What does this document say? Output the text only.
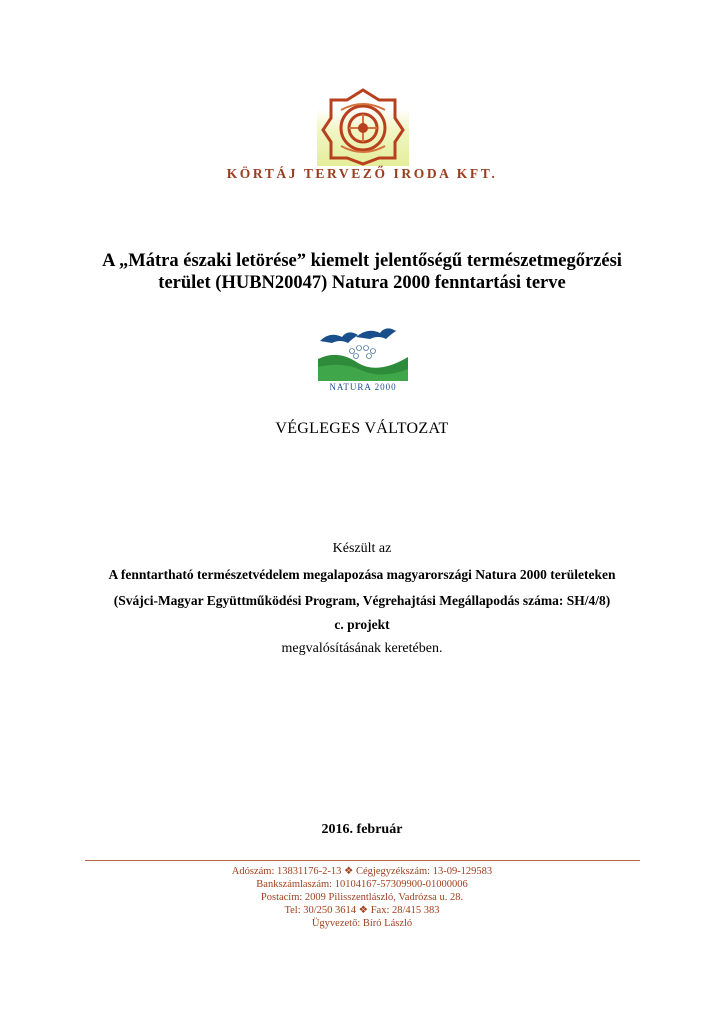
KÖRTÁJ TERVEZŐ IRODA KFT.
A „Mátra északi letörése” kiemelt jelentőségű természetmegőrzési
terület (HUBN20047) Natura 2000 fenntartási terve
NATURA 2000
VÉGLEGES VÁLTOZAT
Készült az
A fenntartható természetvédelem megalapozása magyarországi Natura 2000 területeken
(Svájci-Magyar Együttműködési Program, Végrehajtási Megállapodás száma: SH/4/8)
c. projekt
megvalósításának keretében.
2016. február
Adószám: 13831176-2-13 ❖ Cégjegyzékszám: 13-09-129583
Bankszámlaszám: 10104167-57309900-01000006
Postacím: 2009 Pilisszentlászló, Vadrózsa u. 28.
Tel: 30/250 3614 ❖ Fax: 28/415 383
Ügyvezető: Bíró László
